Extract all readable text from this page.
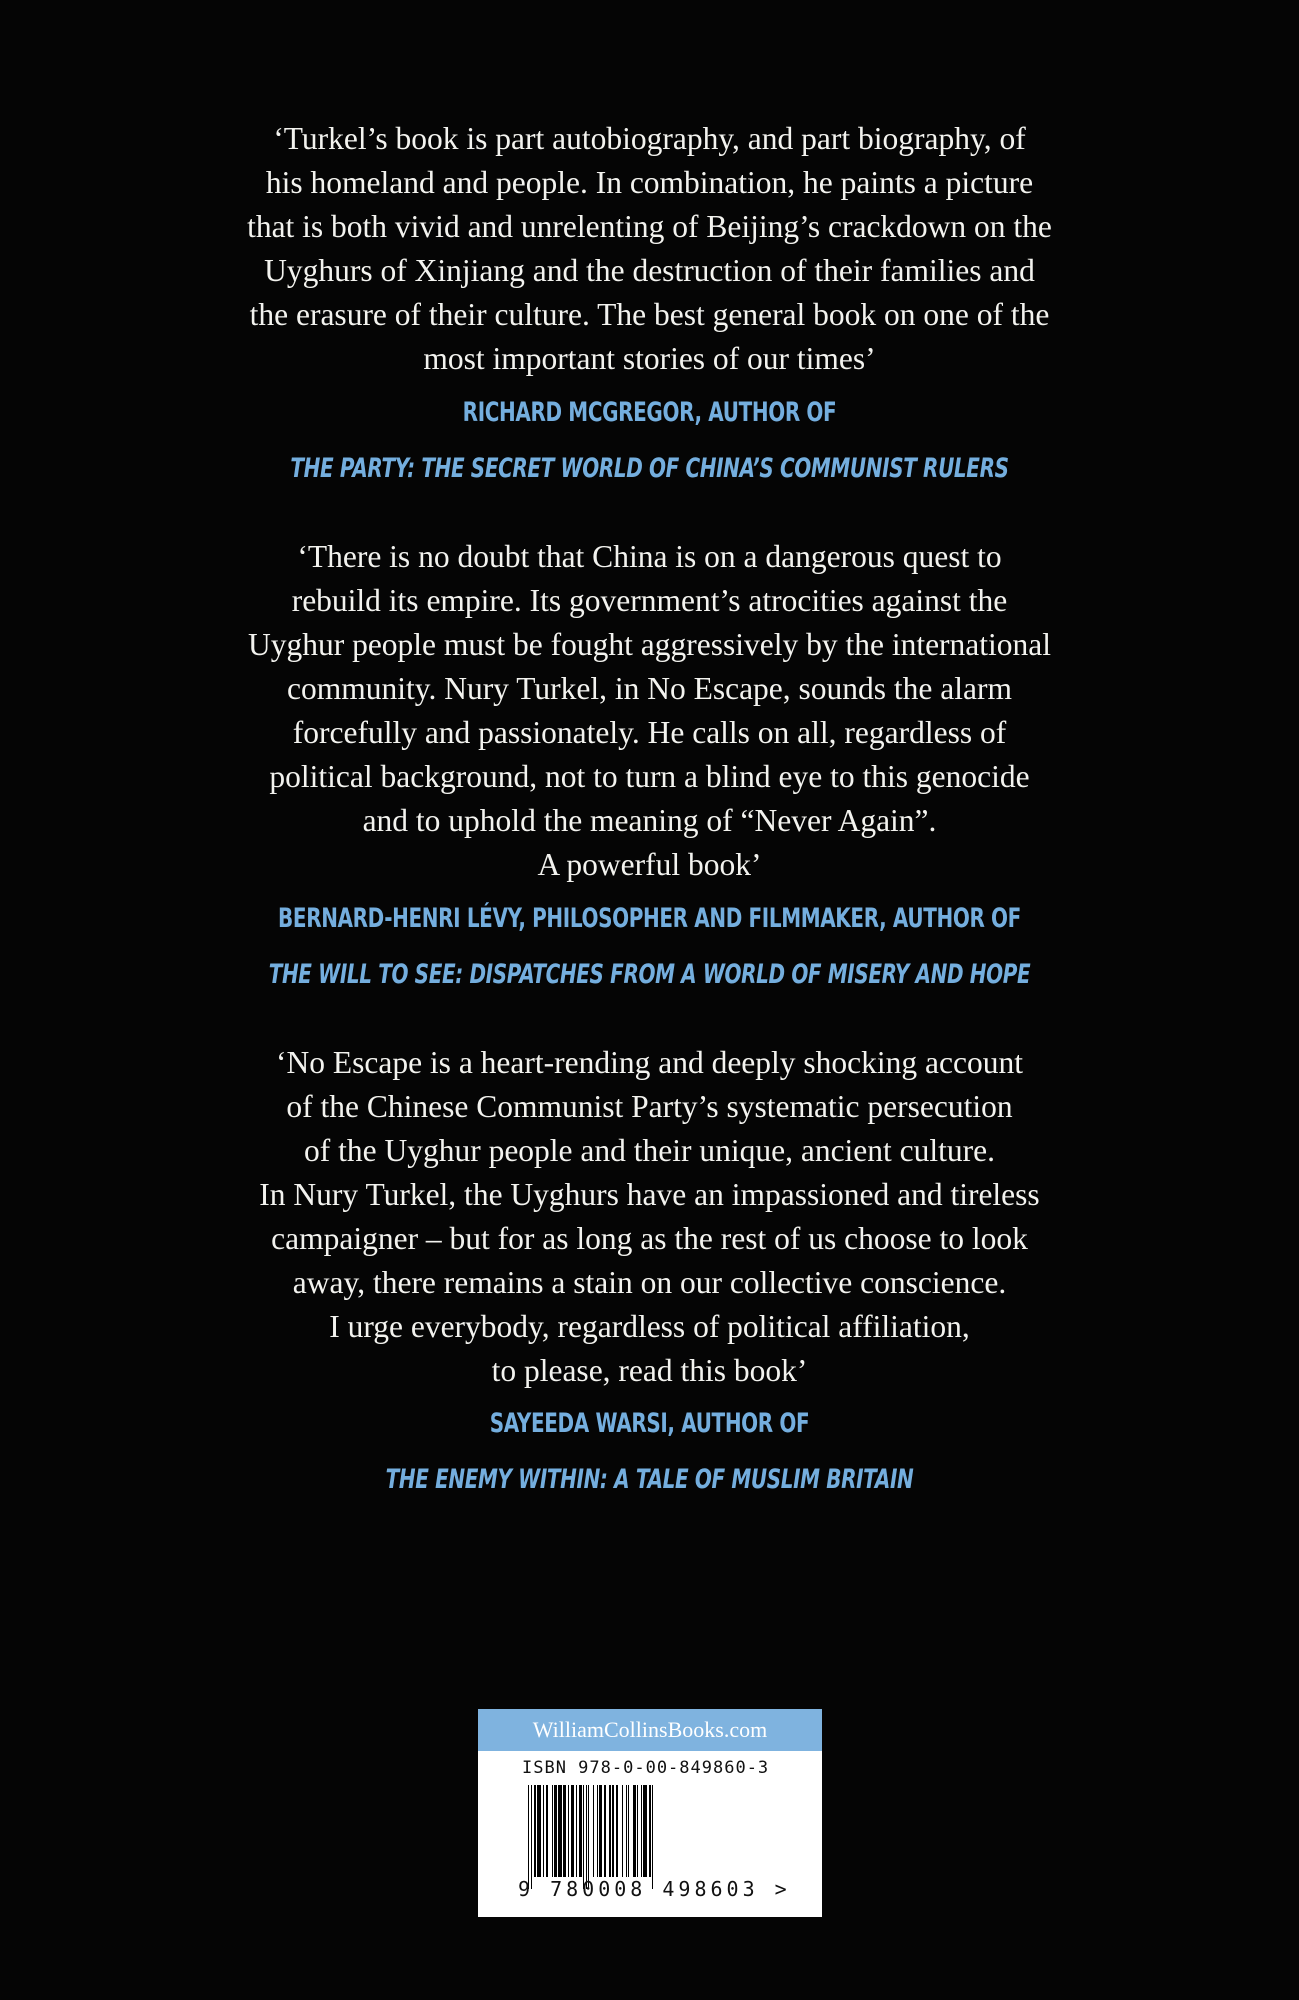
‘Turkel’s book is part autobiography, and part biography, of
his homeland and people. In combination, he paints a picture
that is both vivid and unrelenting of Beijing’s crackdown on the
Uyghurs of Xinjiang and the destruction of their families and
the erasure of their culture. The best general book on one of the
most important stories of our times’
RICHARD MCGREGOR, AUTHOR OF
THE PARTY: THE SECRET WORLD OF CHINA’S COMMUNIST RULERS
‘There is no doubt that China is on a dangerous quest to
rebuild its empire. Its government’s atrocities against the
Uyghur people must be fought aggressively by the international
community. Nury Turkel, in No Escape, sounds the alarm
forcefully and passionately. He calls on all, regardless of
political background, not to turn a blind eye to this genocide
and to uphold the meaning of “Never Again”.
A powerful book’
BERNARD-HENRI LÉVY, PHILOSOPHER AND FILMMAKER, AUTHOR OF
THE WILL TO SEE: DISPATCHES FROM A WORLD OF MISERY AND HOPE
‘No Escape is a heart-rending and deeply shocking account
of the Chinese Communist Party’s systematic persecution
of the Uyghur people and their unique, ancient culture.
In Nury Turkel, the Uyghurs have an impassioned and tireless
campaigner – but for as long as the rest of us choose to look
away, there remains a stain on our collective conscience.
I urge everybody, regardless of political affiliation,
to please, read this book’
SAYEEDA WARSI, AUTHOR OF
THE ENEMY WITHIN: A TALE OF MUSLIM BRITAIN
WilliamCollinsBooks.com
ISBN 978-0-00-849860-3
9 780008 498603 >
